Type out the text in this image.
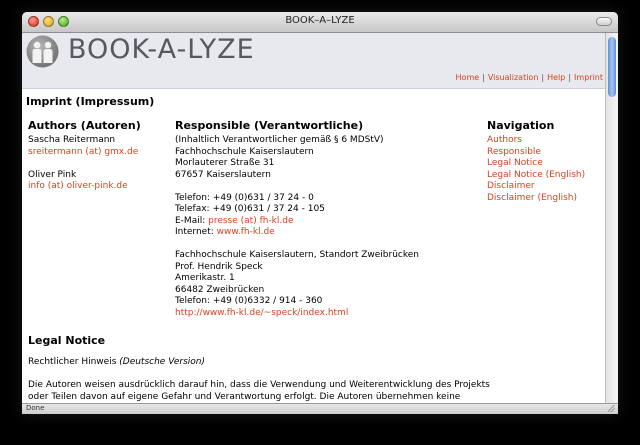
BOOK–A–LYZE
BOOK-A-LYZE
Home | Visualization | Help | Imprint
Imprint (Impressum)
Authors (Autoren)
Sascha Reitermann
sreitermann (at) gmx.de
Oliver Pink
info (at) oliver-pink.de
Responsible (Verantwortliche)
(Inhaltlich Verantwortlicher gemäß § 6 MDStV)
Fachhochschule Kaiserslautern
Morlauterer Straße 31
67657 Kaiserslautern
Telefon: +49 (0)631 / 37 24 - 0
Telefax: +49 (0)631 / 37 24 - 105
E-Mail: presse (at) fh-kl.de
Internet: www.fh-kl.de
Fachhochschule Kaiserslautern, Standort Zweibrücken
Prof. Hendrik Speck
Amerikastr. 1
66482 Zweibrücken
Telefon: +49 (0)6332 / 914 - 360
http://www.fh-kl.de/~speck/index.html
Navigation
Authors
Responsible
Legal Notice
Legal Notice (English)
Disclaimer
Disclaimer (English)
Legal Notice
Rechtlicher Hinweis (Deutsche Version)
Die Autoren weisen ausdrücklich darauf hin, dass die Verwendung und Weiterentwicklung des Projekts oder Teilen davon auf eigene Gefahr und Verantwortung erfolgt. Die Autoren übernehmen keine
Done
